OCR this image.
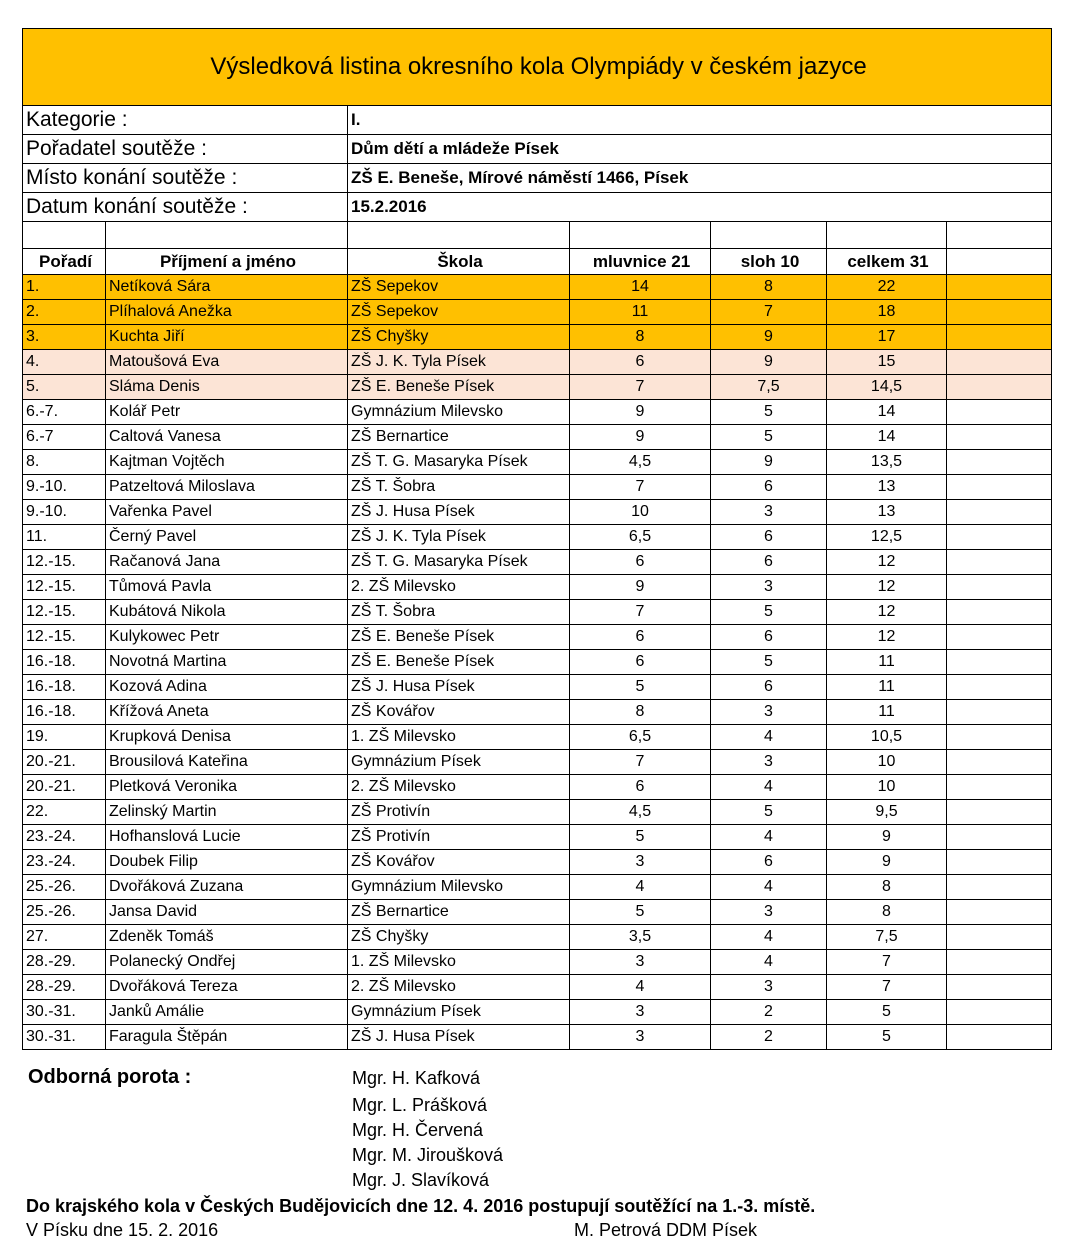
Výsledková listina okresního kola Olympiády v českém jazyce						
Kategorie :		I.				
Pořadatel soutěže :		Dům dětí a mládeže Písek				
Místo konání soutěže :		ZŠ E. Beneše, Mírové náměstí 1466, Písek				
Datum konání soutěže :		15.2.2016				

Pořadí	Příjmení a jméno	Škola	mluvnice 21	sloh 10	celkem 31	
1.	Netíková Sára	ZŠ Sepekov	14	8	22	
2.	Plíhalová Anežka	ZŠ Sepekov	11	7	18	
3.	Kuchta Jiří	ZŠ Chyšky	8	9	17	
4.	Matoušová Eva	ZŠ J. K. Tyla Písek	6	9	15	
5.	Sláma Denis	ZŠ E. Beneše Písek	7	7,5	14,5	
6.-7.	Kolář Petr	Gymnázium Milevsko	9	5	14	
6.-7	Caltová Vanesa	ZŠ Bernartice	9	5	14	
8.	Kajtman Vojtěch	ZŠ T. G. Masaryka Písek	4,5	9	13,5	
9.-10.	Patzeltová Miloslava	ZŠ T. Šobra	7	6	13	
9.-10.	Vařenka Pavel	ZŠ J. Husa Písek	10	3	13	
11.	Černý Pavel	ZŠ J. K. Tyla Písek	6,5	6	12,5	
12.-15.	Račanová Jana	ZŠ T. G. Masaryka Písek	6	6	12	
12.-15.	Tůmová Pavla	2. ZŠ Milevsko	9	3	12	
12.-15.	Kubátová Nikola	ZŠ T. Šobra	7	5	12	
12.-15.	Kulykowec Petr	ZŠ E. Beneše Písek	6	6	12	
16.-18.	Novotná Martina	ZŠ E. Beneše Písek	6	5	11	
16.-18.	Kozová Adina	ZŠ J. Husa Písek	5	6	11	
16.-18.	Křížová Aneta	ZŠ Kovářov	8	3	11	
19.	Krupková Denisa	1. ZŠ Milevsko	6,5	4	10,5	
20.-21.	Brousilová Kateřina	Gymnázium Písek	7	3	10	
20.-21.	Pletková Veronika	2. ZŠ Milevsko	6	4	10	
22.	Zelinský Martin	ZŠ Protivín	4,5	5	9,5	
23.-24.	Hofhanslová Lucie	ZŠ Protivín	5	4	9	
23.-24.	Doubek Filip	ZŠ Kovářov	3	6	9	
25.-26.	Dvořáková Zuzana	Gymnázium Milevsko	4	4	8	
25.-26.	Jansa David	ZŠ Bernartice	5	3	8	
27.	Zdeněk Tomáš	ZŠ Chyšky	3,5	4	7,5	
28.-29.	Polanecký Ondřej	1. ZŠ Milevsko	3	4	7	
28.-29.	Dvořáková Tereza	2. ZŠ Milevsko	4	3	7	
30.-31.	Janků Amálie	Gymnázium Písek	3	2	5	
30.-31.	Faragula Štěpán	ZŠ J. Husa Písek	3	2	5	
Odborná porota :	Mgr. H. Kafková
Mgr. L. Prášková
Mgr. H. Červená
Mgr. M. Jiroušková
Mgr. J. Slavíková
Do krajského kola v Českých Budějovicích dne 12. 4. 2016 postupují soutěžící na 1.-3. místě.
V Písku dne 15. 2. 2016	M. Petrová DDM Písek
